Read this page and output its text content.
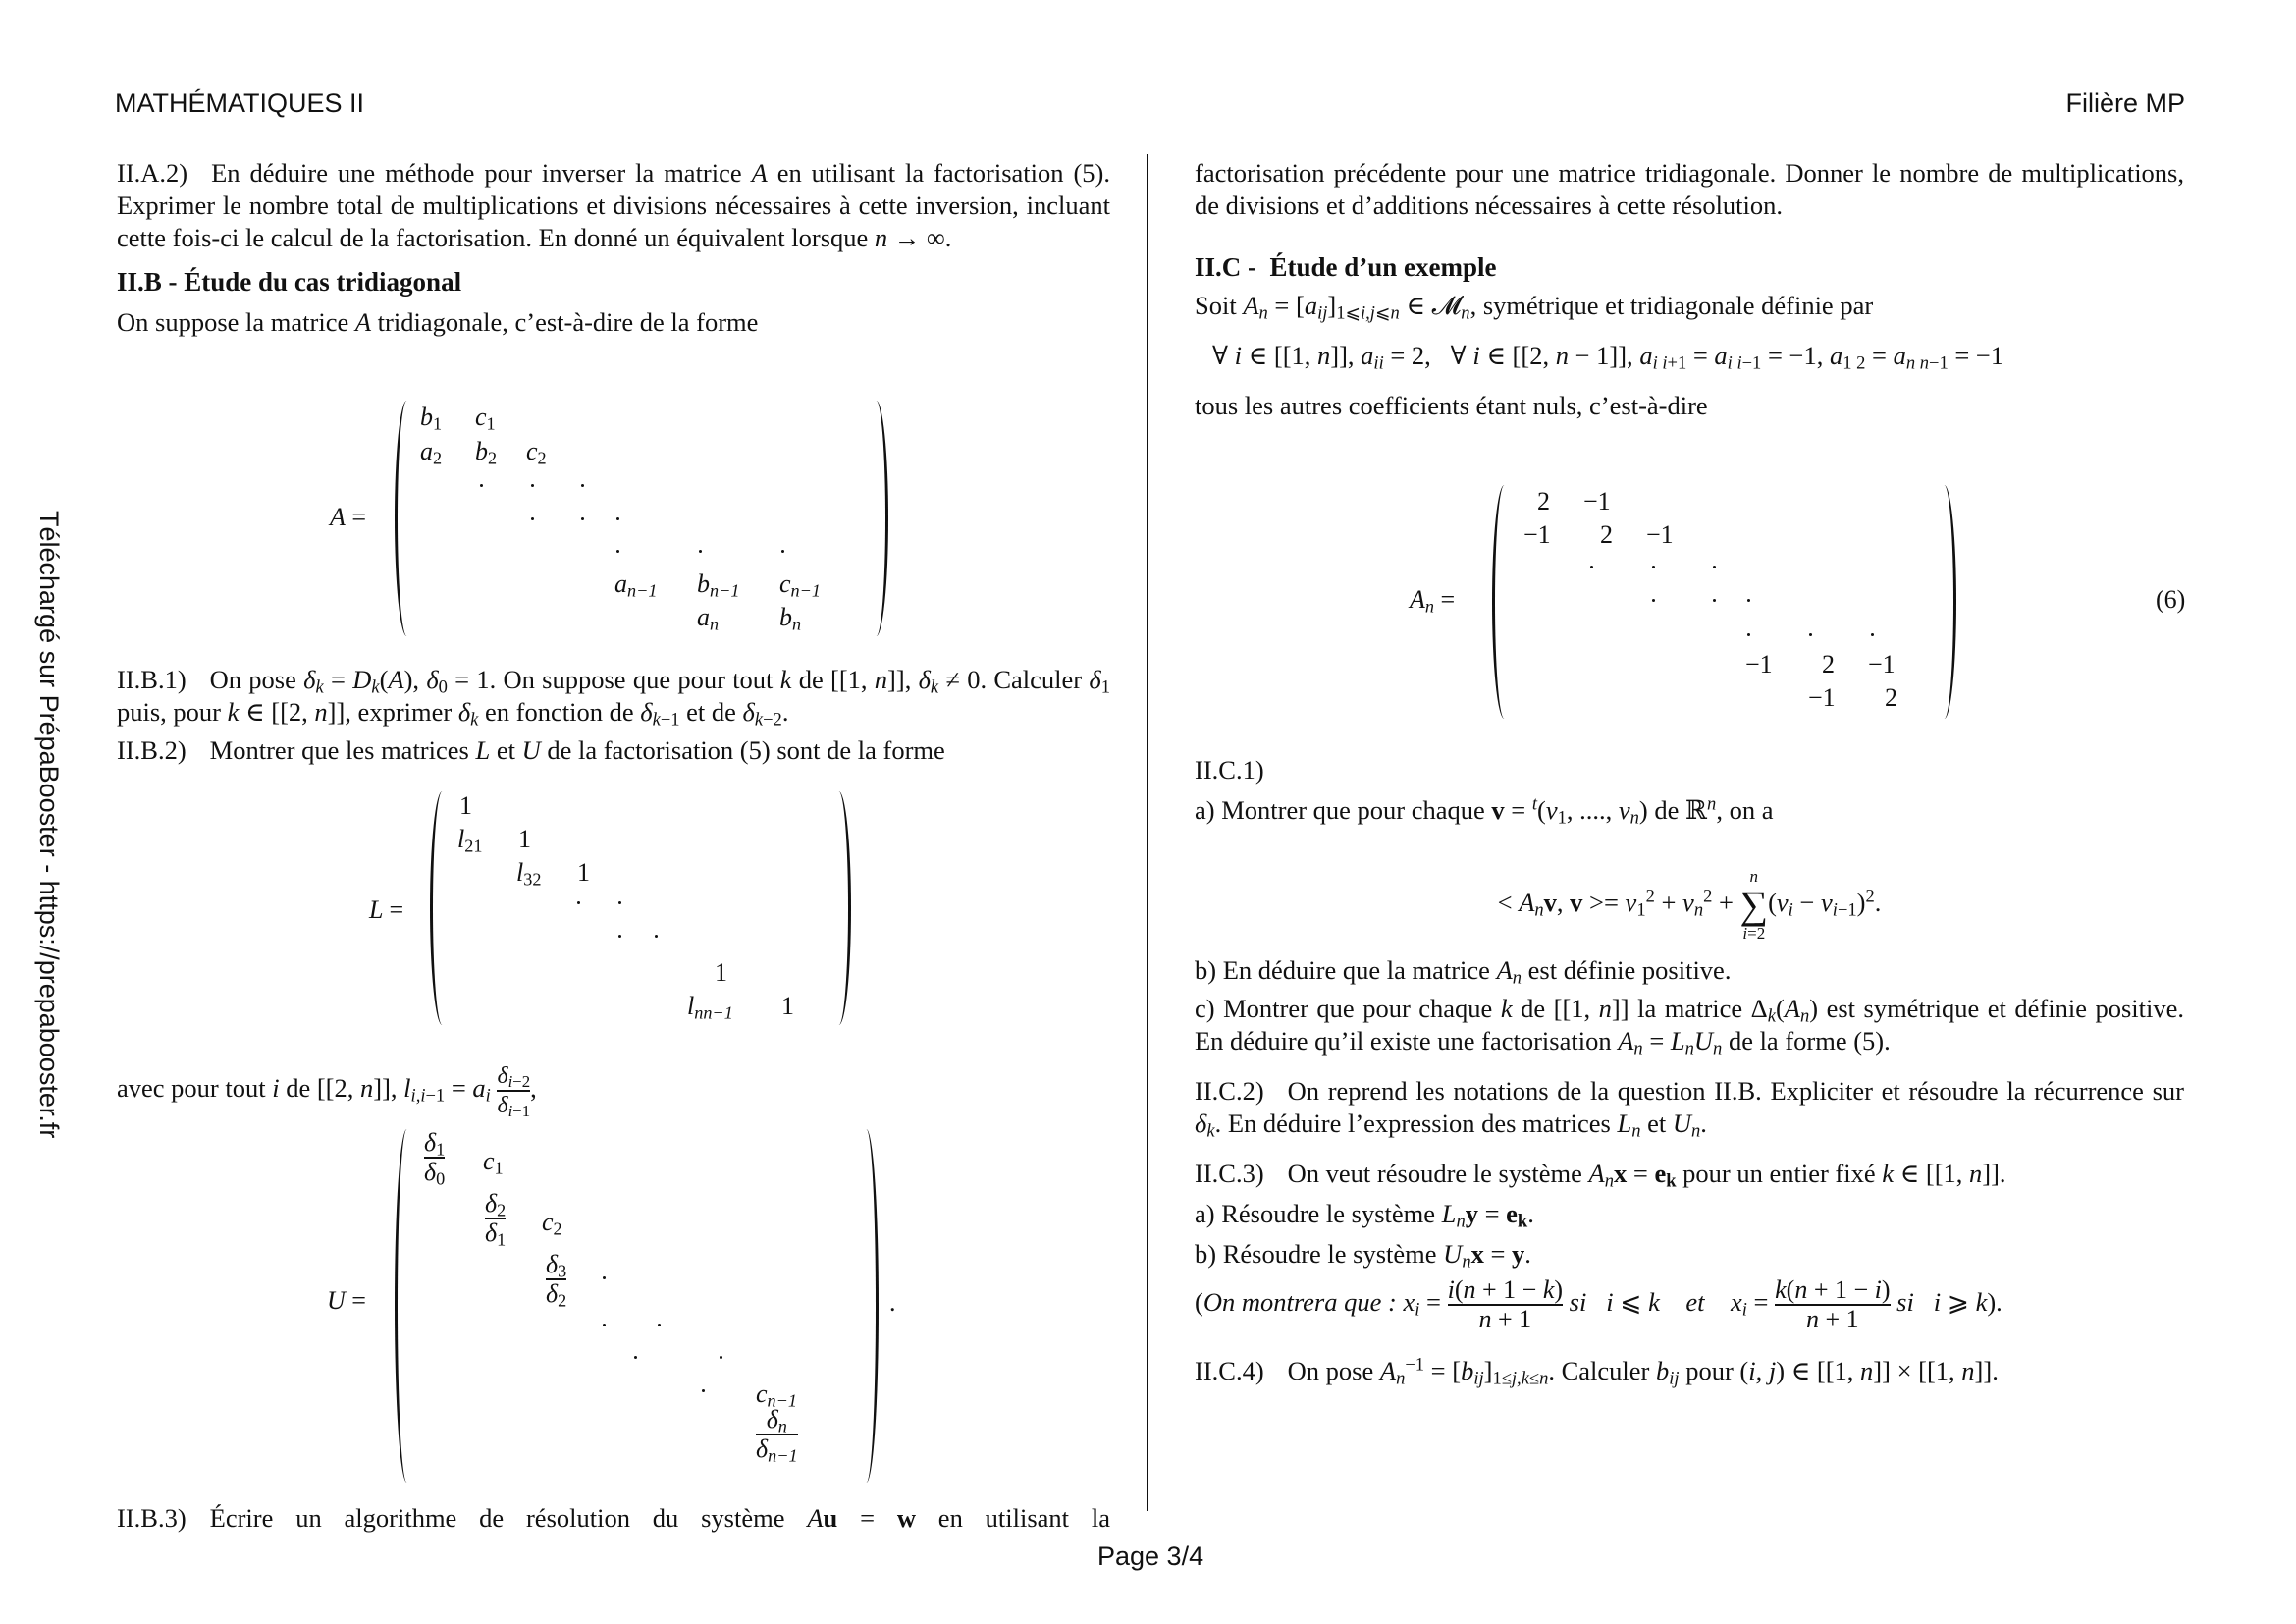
MATHÉMATIQUES II	Filière MP
Téléchargé sur PrépaBooster - https://prepabooster.fr
Page 3/4

II.A.2) En déduire une méthode pour inverser la matrice A en utilisant la factorisation (5). Exprimer le nombre total de multiplications et divisions nécessaires à cette inversion, incluant cette fois-ci le calcul de la factorisation. En donné un équivalent lorsque n → ∞.

II.B - Étude du cas tridiagonal

On suppose la matrice A tridiagonale, c’est-à-dire de la forme

A =
$b_1$ $c_1$
$a_2$ $b_2$ $c_2$
$a_{n-1}$ $b_{n-1}$ $c_{n-1}$
$a_n$ $b_n$

II.B.1) On pose $\delta_k = D_k(A)$, $\delta_0 = 1$. On suppose que pour tout k de [[1, n]], $\delta_k \ne 0$. Calculer $\delta_1$ puis, pour k ∈ [[2, n]], exprimer $\delta_k$ en fonction de $\delta_{k-1}$ et de $\delta_{k-2}$.

II.B.2) Montrer que les matrices L et U de la factorisation (5) sont de la forme

L =
1
$l_{21}$ 1
$l_{32}$ 1
1
$l_{nn-1}$ 1

avec pour tout i de [[2, n]], $l_{i,i-1} = a_i \frac{\delta_{i-2}}{\delta_{i-1}}$ ,

U =
$\frac{\delta_1}{\delta_0} c_1$
$\frac{\delta_2}{\delta_1} c_2$
$\frac{\delta_3}{\delta_2}$
$c_{n-1}$
$\frac{\delta_n}{\delta_{n-1}}$
.

II.B.3) Écrire un algorithme de résolution du système Au = w en utilisant la

factorisation précédente pour une matrice tridiagonale. Donner le nombre de multiplications, de divisions et d’additions nécessaires à cette résolution.

II.C -  Étude d’un exemple

Soit $A_n = [a_{ij}]_{1⩽i,j⩽n}$ ∈ 𝓜$_n$, symétrique et tridiagonale définie par

∀ i ∈ [[1, n]], $a_{ii} = 2$,   ∀ i ∈ [[2, n − 1]], $a_{i i+1} = a_{i i-1} = -1$, $a_{1 2} = a_{n n-1} = -1$

tous les autres coefficients étant nuls, c’est-à-dire

$A_n$ =
2 −1
−1 2 −1
−1 2 −1
−1 2
(6)

II.C.1)

a) Montrer que pour chaque $v = ^t(v_1$, ...., $v_n$) de ℝ$^n$, on a

< $A_nv$, $v >= v_1^2 + v_n^2$ +
n
∑
i=2
$(v_i - v_{i-1})^2$.

b) En déduire que la matrice $A_n$ est définie positive.

c) Montrer que pour chaque k de [[1, n]] la matrice $\Delta_k(A_n)$ est symétrique et définie positive. En déduire qu’il existe une factorisation $A_n = L_nU_n$ de la forme (5).

II.C.2) On reprend les notations de la question II.B. Expliciter et résoudre la récurrence sur $\delta_k$. En déduire l’expression des matrices $L_n$ et $U_n$.

II.C.3) On veut résoudre le système $A_nx = e_k$ pour un entier fixé k ∈ [[1, n]].

a) Résoudre le système $L_ny = e_k$.

b) Résoudre le système $U_nx = y$.

(On montrera que : $x_i = \frac{i(n + 1 - k)}{n + 1}$ si i ⩽ k et $x_i = \frac{k(n + 1 - i)}{n + 1}$ si i ⩾ k).

II.C.4) On pose $A_n^{-1} = [b_{ij}]_{1\le j,k\le n}$. Calculer $b_{ij}$ pour (i, j) ∈ [[1, n]] × [[1, n]].
